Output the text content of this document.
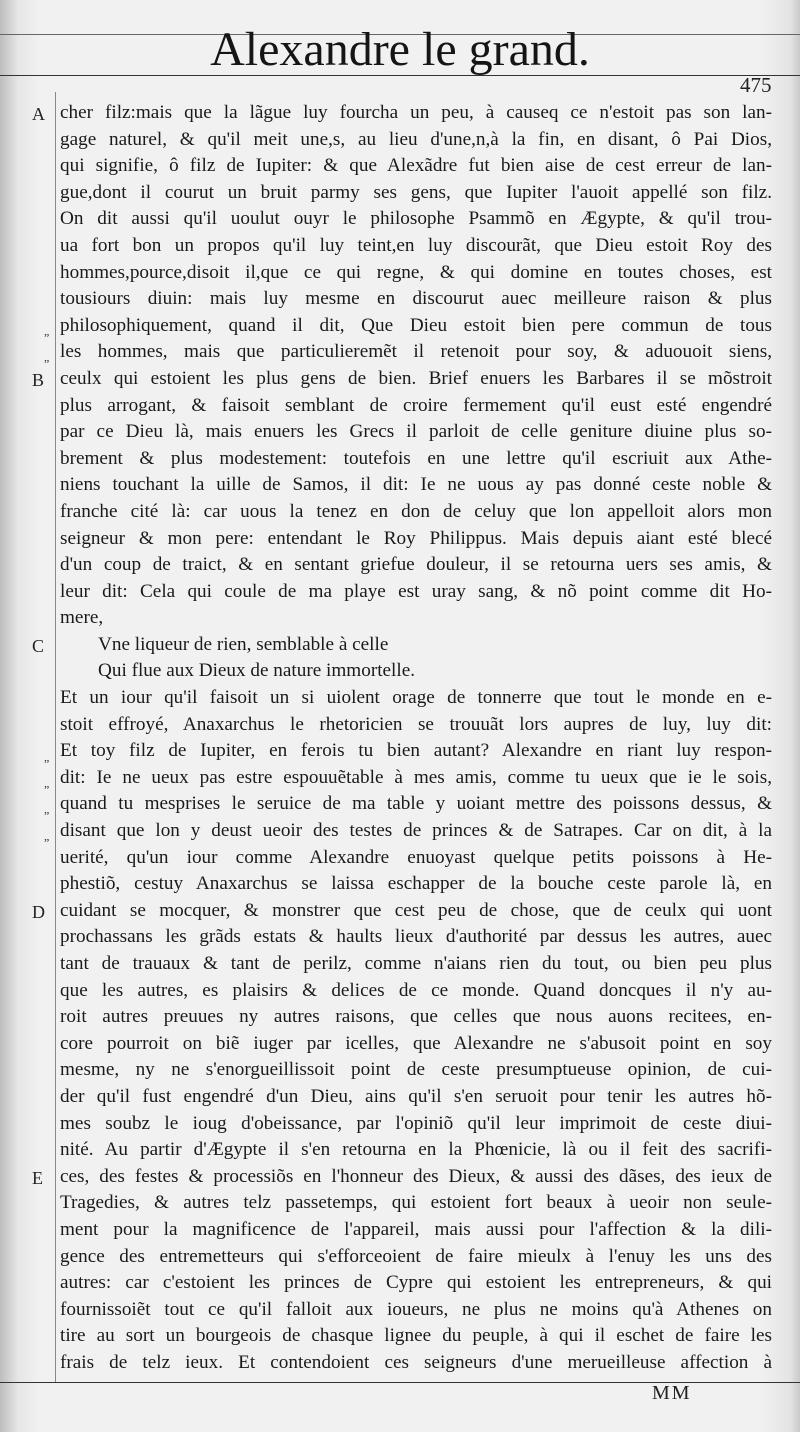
Alexandre le grand.
475
A
B
C
D
E
„
„
„
„
„
„
cher filz:mais que la lãgue luy fourcha un peu, à causeq ce n'estoit pas son lan-
gage naturel, & qu'il meit une,s, au lieu d'une,n,à la fin, en disant, ô Pai Dios,
qui signifie, ô filz de Iupiter: & que Alexãdre fut bien aise de cest erreur de lan-
gue,dont il courut un bruit parmy ses gens, que Iupiter l'auoit appellé son filz.
On dit aussi qu'il uoulut ouyr le philosophe Psammõ en Ægypte, & qu'il trou-
ua fort bon un propos qu'il luy teint,en luy discourãt, que Dieu estoit Roy des
hommes,pource,disoit il,que ce qui regne, & qui domine en toutes choses, est
tousiours diuin: mais luy mesme en discourut auec meilleure raison & plus
philosophiquement, quand il dit, Que Dieu estoit bien pere commun de tous
les hommes, mais que particulieremẽt il retenoit pour soy, & aduouoit siens,
ceulx qui estoient les plus gens de bien. Brief enuers les Barbares il se mõstroit
plus arrogant, & faisoit semblant de croire fermement qu'il eust esté engendré
par ce Dieu là, mais enuers les Grecs il parloit de celle geniture diuine plus so-
brement & plus modestement: toutefois en une lettre qu'il escriuit aux Athe-
niens touchant la uille de Samos, il dit: Ie ne uous ay pas donné ceste noble &
franche cité là: car uous la tenez en don de celuy que lon appelloit alors mon
seigneur & mon pere: entendant le Roy Philippus. Mais depuis aiant esté blecé
d'un coup de traict, & en sentant griefue douleur, il se retourna uers ses amis, &
leur dit: Cela qui coule de ma playe est uray sang, & nõ point comme dit Ho-
mere,
Vne liqueur de rien, semblable à celle
Qui flue aux Dieux de nature immortelle.
Et un iour qu'il faisoit un si uiolent orage de tonnerre que tout le monde en e-
stoit effroyé, Anaxarchus le rhetoricien se trouuãt lors aupres de luy, luy dit:
Et toy filz de Iupiter, en ferois tu bien autant? Alexandre en riant luy respon-
dit: Ie ne ueux pas estre espouuẽtable à mes amis, comme tu ueux que ie le sois,
quand tu mesprises le seruice de ma table y uoiant mettre des poissons dessus, &
disant que lon y deust ueoir des testes de princes & de Satrapes. Car on dit, à la
uerité, qu'un iour comme Alexandre enuoyast quelque petits poissons à He-
phestiõ, cestuy Anaxarchus se laissa eschapper de la bouche ceste parole là, en
cuidant se mocquer, & monstrer que cest peu de chose, que de ceulx qui uont
prochassans les grãds estats & haults lieux d'authorité par dessus les autres, auec
tant de trauaux & tant de perilz, comme n'aians rien du tout, ou bien peu plus
que les autres, es plaisirs & delices de ce monde. Quand doncques il n'y au-
roit autres preuues ny autres raisons, que celles que nous auons recitees, en-
core pourroit on biẽ iuger par icelles, que Alexandre ne s'abusoit point en soy
mesme, ny ne s'enorgueillissoit point de ceste presumptueuse opinion, de cui-
der qu'il fust engendré d'un Dieu, ains qu'il s'en seruoit pour tenir les autres hõ-
mes soubz le ioug d'obeissance, par l'opiniõ qu'il leur imprimoit de ceste diui-
nité. Au partir d'Ægypte il s'en retourna en la Phœnicie, là ou il feit des sacrifi-
ces, des festes & processiõs en l'honneur des Dieux, & aussi des dãses, des ieux de
Tragedies, & autres telz passetemps, qui estoient fort beaux à ueoir non seule-
ment pour la magnificence de l'appareil, mais aussi pour l'affection & la dili-
gence des entremetteurs qui s'efforceoient de faire mieulx à l'enuy les uns des
autres: car c'estoient les princes de Cypre qui estoient les entrepreneurs, & qui
fournissoiẽt tout ce qu'il falloit aux ioueurs, ne plus ne moins qu'à Athenes on
tire au sort un bourgeois de chasque lignee du peuple, à qui il eschet de faire les
frais de telz ieux. Et contendoient ces seigneurs d'une merueilleuse affection à
MM
